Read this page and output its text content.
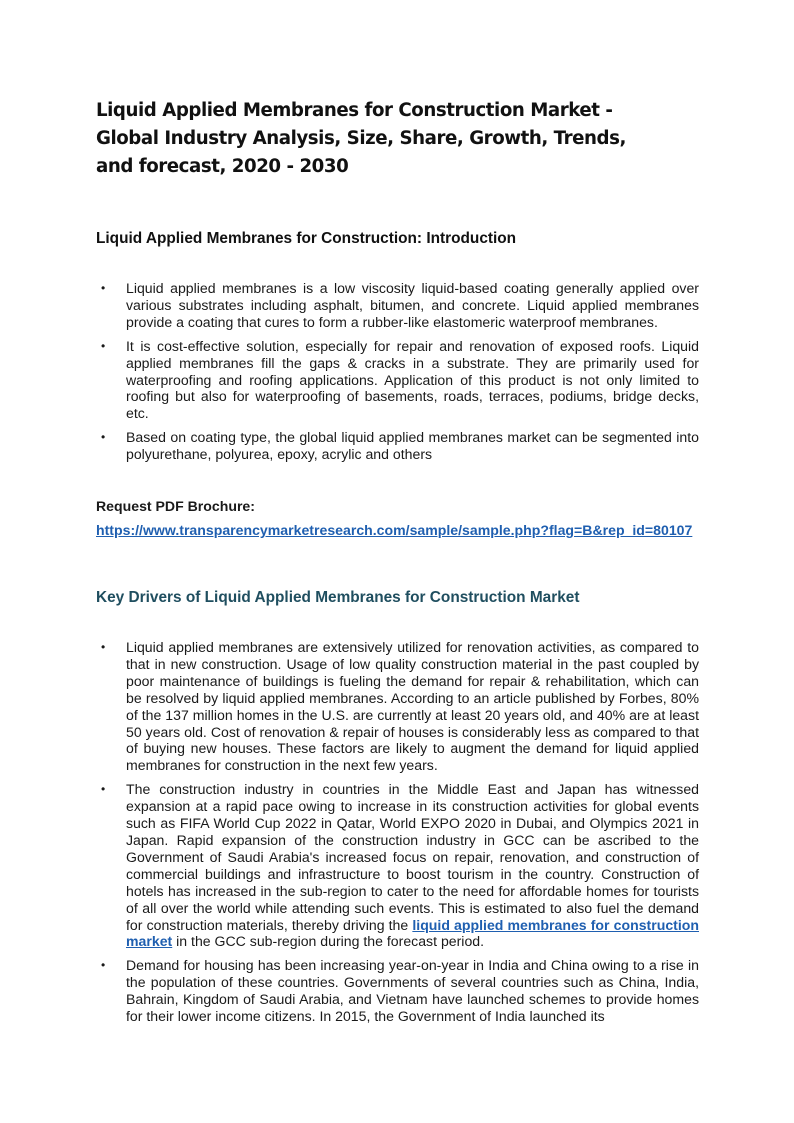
Liquid Applied Membranes for Construction Market - Global Industry Analysis, Size, Share, Growth, Trends, and forecast, 2020 - 2030
Liquid Applied Membranes for Construction: Introduction
• Liquid applied membranes is a low viscosity liquid-based coating generally applied over various substrates including asphalt, bitumen, and concrete. Liquid applied membranes provide a coating that cures to form a rubber-like elastomeric waterproof membranes.
• It is cost-effective solution, especially for repair and renovation of exposed roofs. Liquid applied membranes fill the gaps & cracks in a substrate. They are primarily used for waterproofing and roofing applications. Application of this product is not only limited to roofing but also for waterproofing of basements, roads, terraces, podiums, bridge decks, etc.
• Based on coating type, the global liquid applied membranes market can be segmented into polyurethane, polyurea, epoxy, acrylic and others

Request PDF Brochure:

https://www.transparencymarketresearch.com/sample/sample.php?flag=B&rep_id=80107
Key Drivers of Liquid Applied Membranes for Construction Market
• Liquid applied membranes are extensively utilized for renovation activities, as compared to that in new construction. Usage of low quality construction material in the past coupled by poor maintenance of buildings is fueling the demand for repair & rehabilitation, which can be resolved by liquid applied membranes. According to an article published by Forbes, 80% of the 137 million homes in the U.S. are currently at least 20 years old, and 40% are at least 50 years old. Cost of renovation & repair of houses is considerably less as compared to that of buying new houses. These factors are likely to augment the demand for liquid applied membranes for construction in the next few years.
• The construction industry in countries in the Middle East and Japan has witnessed expansion at a rapid pace owing to increase in its construction activities for global events such as FIFA World Cup 2022 in Qatar, World EXPO 2020 in Dubai, and Olympics 2021 in Japan. Rapid expansion of the construction industry in GCC can be ascribed to the Government of Saudi Arabia's increased focus on repair, renovation, and construction of commercial buildings and infrastructure to boost tourism in the country. Construction of hotels has increased in the sub-region to cater to the need for affordable homes for tourists of all over the world while attending such events. This is estimated to also fuel the demand for construction materials, thereby driving the liquid applied membranes for construction market in the GCC sub-region during the forecast period.
• Demand for housing has been increasing year-on-year in India and China owing to a rise in the population of these countries. Governments of several countries such as China, India, Bahrain, Kingdom of Saudi Arabia, and Vietnam have launched schemes to provide homes for their lower income citizens. In 2015, the Government of India launched its
